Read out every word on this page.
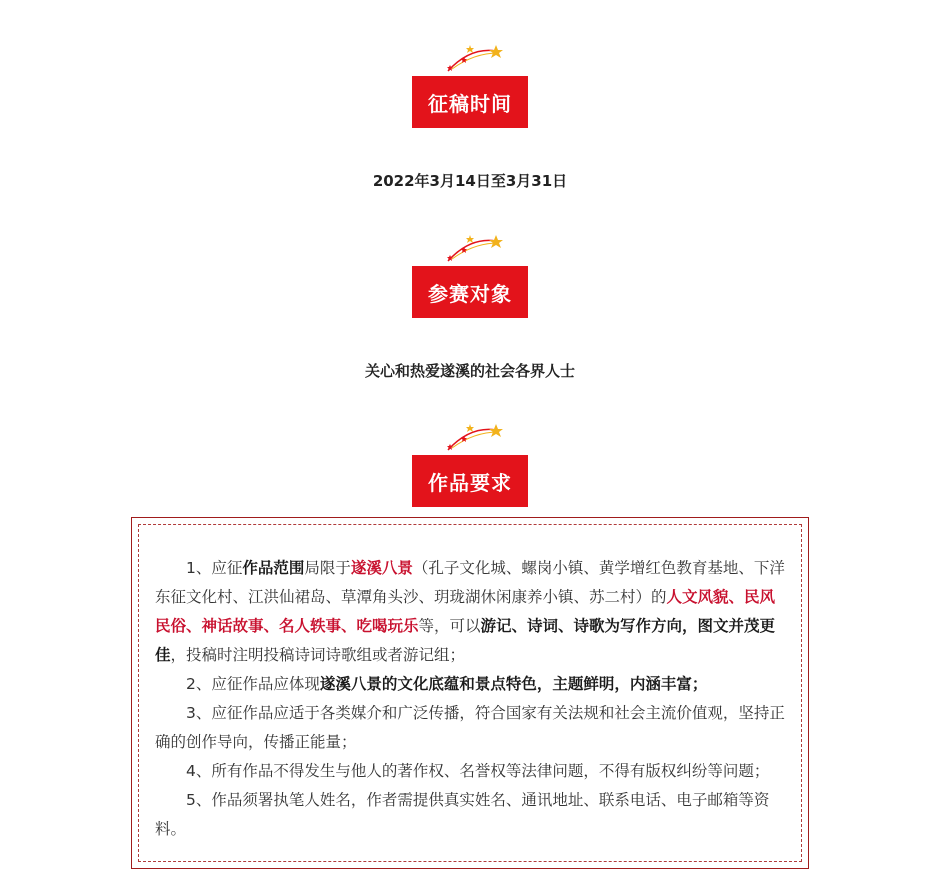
征稿时间
2022年3月14日至3月31日
参赛对象
关心和热爱遂溪的社会各界人士
作品要求

1、应征作品范围局限于遂溪八景（孔子文化城、螺岗小镇、黄学增红色教育基地、下洋东征文化村、江洪仙裙岛、草潭角头沙、玥珑湖休闲康养小镇、苏二村）的人文风貌、民风民俗、神话故事、名人轶事、吃喝玩乐等，可以游记、诗词、诗歌为写作方向，图文并茂更佳，投稿时注明投稿诗词诗歌组或者游记组；

2、应征作品应体现遂溪八景的文化底蕴和景点特色，主题鲜明，内涵丰富；

3、应征作品应适于各类媒介和广泛传播，符合国家有关法规和社会主流价值观，坚持正确的创作导向，传播正能量；

4、所有作品不得发生与他人的著作权、名誉权等法律问题，不得有版权纠纷等问题；

5、作品须署执笔人姓名，作者需提供真实姓名、通讯地址、联系电话、电子邮箱等资料。
